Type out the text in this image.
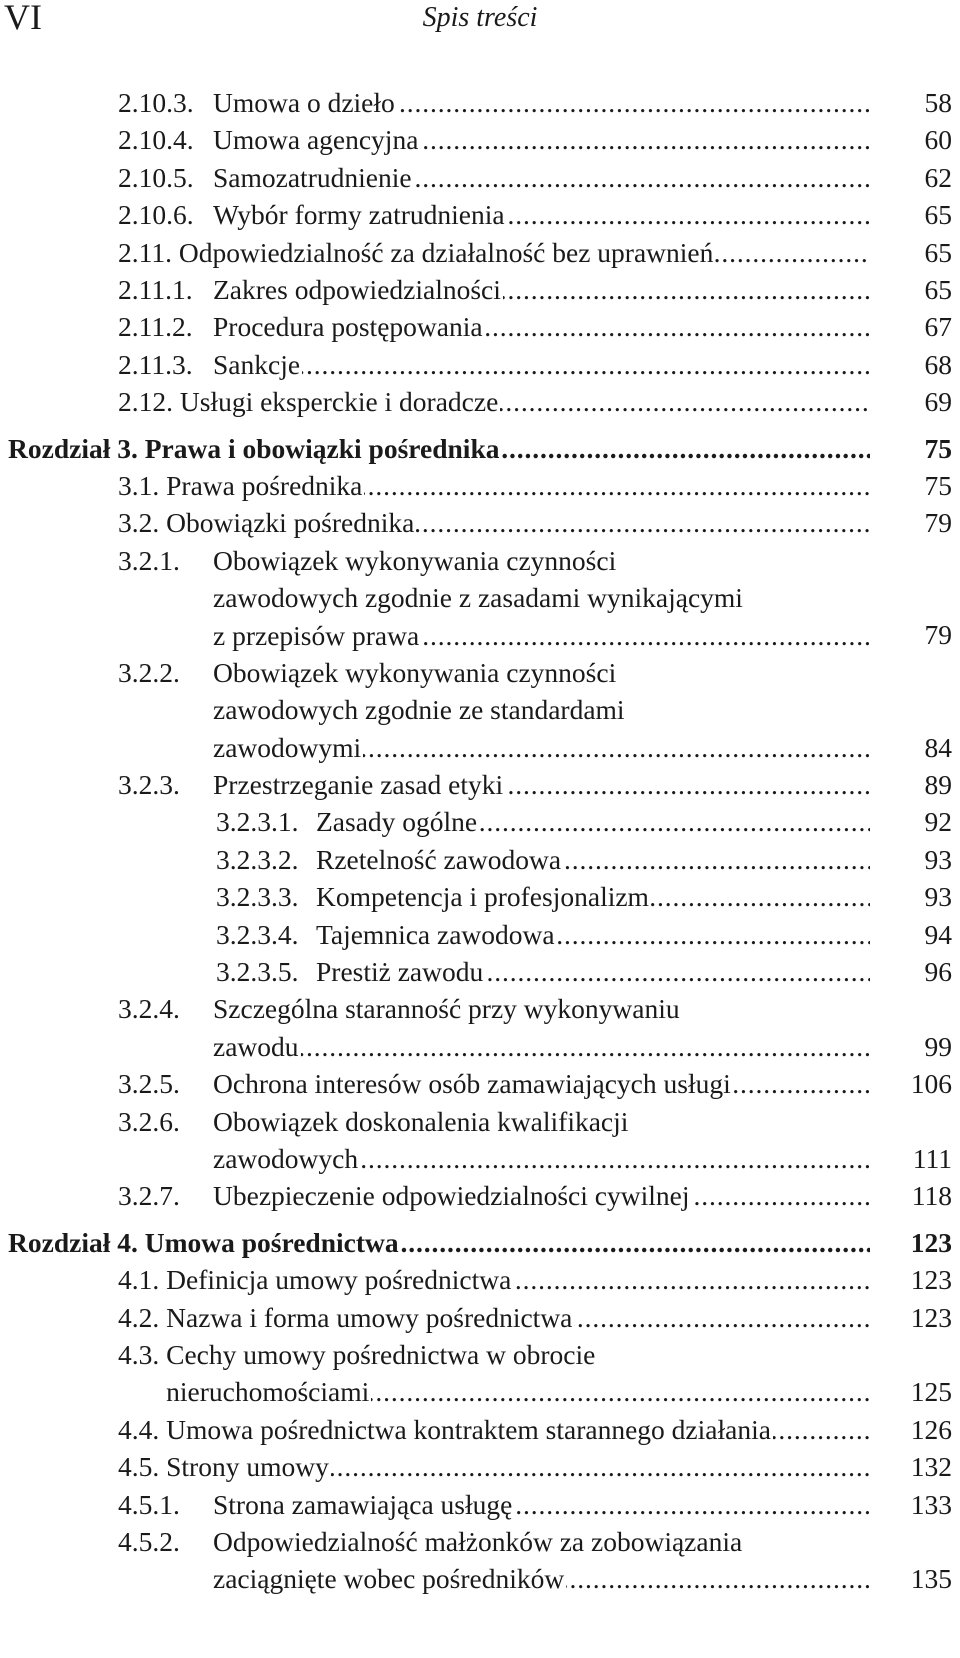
VI	Spis treści
2.10.3. Umowa o dzieło . . .	58
2.10.4. Umowa agencyjna . . .	60
2.10.5. Samozatrudnienie . . .	62
2.10.6. Wybór formy zatrudnienia . . .	65
2.11. Odpowiedzialność za działalność bez uprawnień . . .	65
2.11.1. Zakres odpowiedzialności . . .	65
2.11.2. Procedura postępowania . . .	67
2.11.3. Sankcje . . .	68
2.12. Usługi eksperckie i doradcze . . .	69
Rozdział 3. Prawa i obowiązki pośrednika . . .	75
3.1. Prawa pośrednika . . .	75
3.2. Obowiązki pośrednika . . .	79
3.2.1. Obowiązek wykonywania czynności
zawodowych zgodnie z zasadami wynikającymi
z przepisów prawa . . .	79
3.2.2. Obowiązek wykonywania czynności
zawodowych zgodnie ze standardami
zawodowymi . . .	84
3.2.3. Przestrzeganie zasad etyki . . .	89
3.2.3.1. Zasady ogólne . . .	92
3.2.3.2. Rzetelność zawodowa . . .	93
3.2.3.3. Kompetencja i profesjonalizm . . .	93
3.2.3.4. Tajemnica zawodowa . . .	94
3.2.3.5. Prestiż zawodu . . .	96
3.2.4. Szczególna staranność przy wykonywaniu
zawodu . . .	99
3.2.5. Ochrona interesów osób zamawiających usługi . . .	106
3.2.6. Obowiązek doskonalenia kwalifikacji
zawodowych . . .	111
3.2.7. Ubezpieczenie odpowiedzialności cywilnej . . .	118
Rozdział 4. Umowa pośrednictwa . . .	123
4.1. Definicja umowy pośrednictwa . . .	123
4.2. Nazwa i forma umowy pośrednictwa . . .	123
4.3. Cechy umowy pośrednictwa w obrocie
nieruchomościami . . .	125
4.4. Umowa pośrednictwa kontraktem starannego działania . . .	126
4.5. Strony umowy . . .	132
4.5.1. Strona zamawiająca usługę . . .	133
4.5.2. Odpowiedzialność małżonków za zobowiązania
zaciągnięte wobec pośredników . . .	135
